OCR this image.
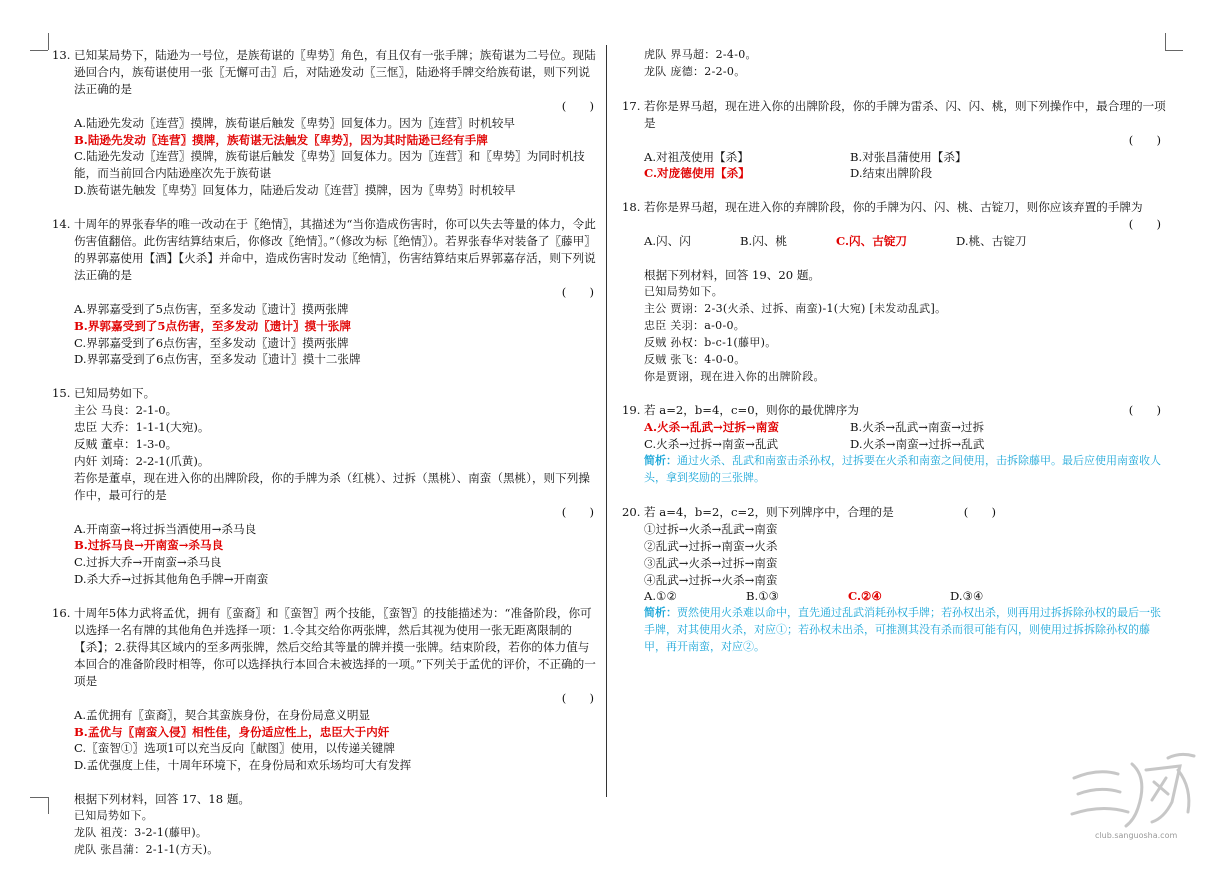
13. 已知某局势下，陆逊为一号位，是族荀谌的〖卑势〗角色，有且仅有一张手牌；族荀谌为二号位。现陆逊回合内，族荀谌使用一张〖无懈可击〗后，对陆逊发动〖三恇〗，陆逊将手牌交给族荀谌，则下列说法正确的是
(　　)
A.陆逊先发动〖连营〗摸牌，族荀谌后触发〖卑势〗回复体力。因为〖连营〗时机较早
B.陆逊先发动〖连营〗摸牌，族荀谌无法触发〖卑势〗，因为其时陆逊已经有手牌
C.陆逊先发动〖连营〗摸牌，族荀谌后触发〖卑势〗回复体力。因为〖连营〗和〖卑势〗为同时机技能，而当前回合内陆逊座次先于族荀谌
D.族荀谌先触发〖卑势〗回复体力，陆逊后发动〖连营〗摸牌，因为〖卑势〗时机较早
14. 十周年的界张春华的唯一改动在于〖绝情〗，其描述为“当你造成伤害时，你可以失去等量的体力，令此伤害值翻倍。此伤害结算结束后，你修改〖绝情〗。”（修改为标〖绝情〗）。若界张春华对装备了〖藤甲〗的界郭嘉使用【酒】【火杀】并命中，造成伤害时发动〖绝情〗，伤害结算结束后界郭嘉存活，则下列说法正确的是
(　　)
A.界郭嘉受到了5点伤害，至多发动〖遗计〗摸两张牌
B.界郭嘉受到了5点伤害，至多发动〖遗计〗摸十张牌
C.界郭嘉受到了6点伤害，至多发动〖遗计〗摸两张牌
D.界郭嘉受到了6点伤害，至多发动〖遗计〗摸十二张牌
15. 已知局势如下。
主公 马良：2-1-0。
忠臣 大乔：1-1-1(大宛)。
反贼 董卓：1-3-0。
内奸 刘琦：2-2-1(爪黄)。
若你是董卓，现在进入你的出牌阶段，你的手牌为杀（红桃）、过拆（黑桃）、南蛮（黑桃），则下列操作中，最可行的是
(　　)
A.开南蛮→将过拆当酒使用→杀马良
B.过拆马良→开南蛮→杀马良
C.过拆大乔→开南蛮→杀马良
D.杀大乔→过拆其他角色手牌→开南蛮
16. 十周年5体力武将孟优，拥有〖蛮裔〗和〖蛮智〗两个技能，〖蛮智〗的技能描述为：“准备阶段，你可以选择一名有牌的其他角色并选择一项：1.令其交给你两张牌，然后其视为使用一张无距离限制的【杀】；2.获得其区域内的至多两张牌，然后交给其等量的牌并摸一张牌。结束阶段，若你的体力值与本回合的准备阶段时相等，你可以选择执行本回合未被选择的一项。”下列关于孟优的评价，不正确的一项是
(　　)
A.孟优拥有〖蛮裔〗，契合其蛮族身份，在身份局意义明显
B.孟优与〖南蛮入侵〗相性佳，身份适应性上，忠臣大于内奸
C.〖蛮智①〗选项1可以充当反向〖献图〗使用，以传递关键牌
D.孟优强度上佳，十周年环境下，在身份局和欢乐场均可大有发挥
根据下列材料，回答 17、18 题。
已知局势如下。
龙队 祖茂：3-2-1(藤甲)。
虎队 张昌蒲：2-1-1(方天)。
虎队 界马超：2-4-0。
龙队 庞德：2-2-0。
17. 若你是界马超，现在进入你的出牌阶段，你的手牌为雷杀、闪、闪、桃，则下列操作中，最合理的一项是
(　　)
A.对祖茂使用【杀】	B.对张昌蒲使用【杀】
C.对庞德使用【杀】	D.结束出牌阶段
18. 若你是界马超，现在进入你的弃牌阶段，你的手牌为闪、闪、桃、古锭刀，则你应该弃置的手牌为
(　　)
A.闪、闪	B.闪、桃	C.闪、古锭刀	D.桃、古锭刀
根据下列材料，回答 19、20 题。
已知局势如下。
主公 贾诩：2-3(火杀、过拆、南蛮)-1(大宛) [未发动乱武]。
忠臣 关羽：a-0-0。
反贼 孙权：b-c-1(藤甲)。
反贼 张飞：4-0-0。
你是贾诩，现在进入你的出牌阶段。
19. 若 a=2，b=4，c=0，则你的最优牌序为	(　　)
A.火杀→乱武→过拆→南蛮	B.火杀→乱武→南蛮→过拆
C.火杀→过拆→南蛮→乱武	D.火杀→南蛮→过拆→乱武
简析：通过火杀、乱武和南蛮击杀孙权，过拆要在火杀和南蛮之间使用，击拆除藤甲。最后应使用南蛮收人头，拿到奖励的三张牌。
20. 若 a=4，b=2，c=2，则下列牌序中，合理的是	(　　)
①过拆→火杀→乱武→南蛮
②乱武→过拆→南蛮→火杀
③乱武→火杀→过拆→南蛮
④乱武→过拆→火杀→南蛮
A.①②	B.①③	C.②④	D.③④
简析：贾然使用火杀难以命中，直先通过乱武消耗孙权手牌；若孙权出杀，则再用过拆拆除孙权的最后一张手牌，对其使用火杀，对应①；若孙权未出杀，可推测其没有杀而很可能有闪，则使用过拆拆除孙权的藤甲，再开南蛮，对应②。
club.sanguosha.com
